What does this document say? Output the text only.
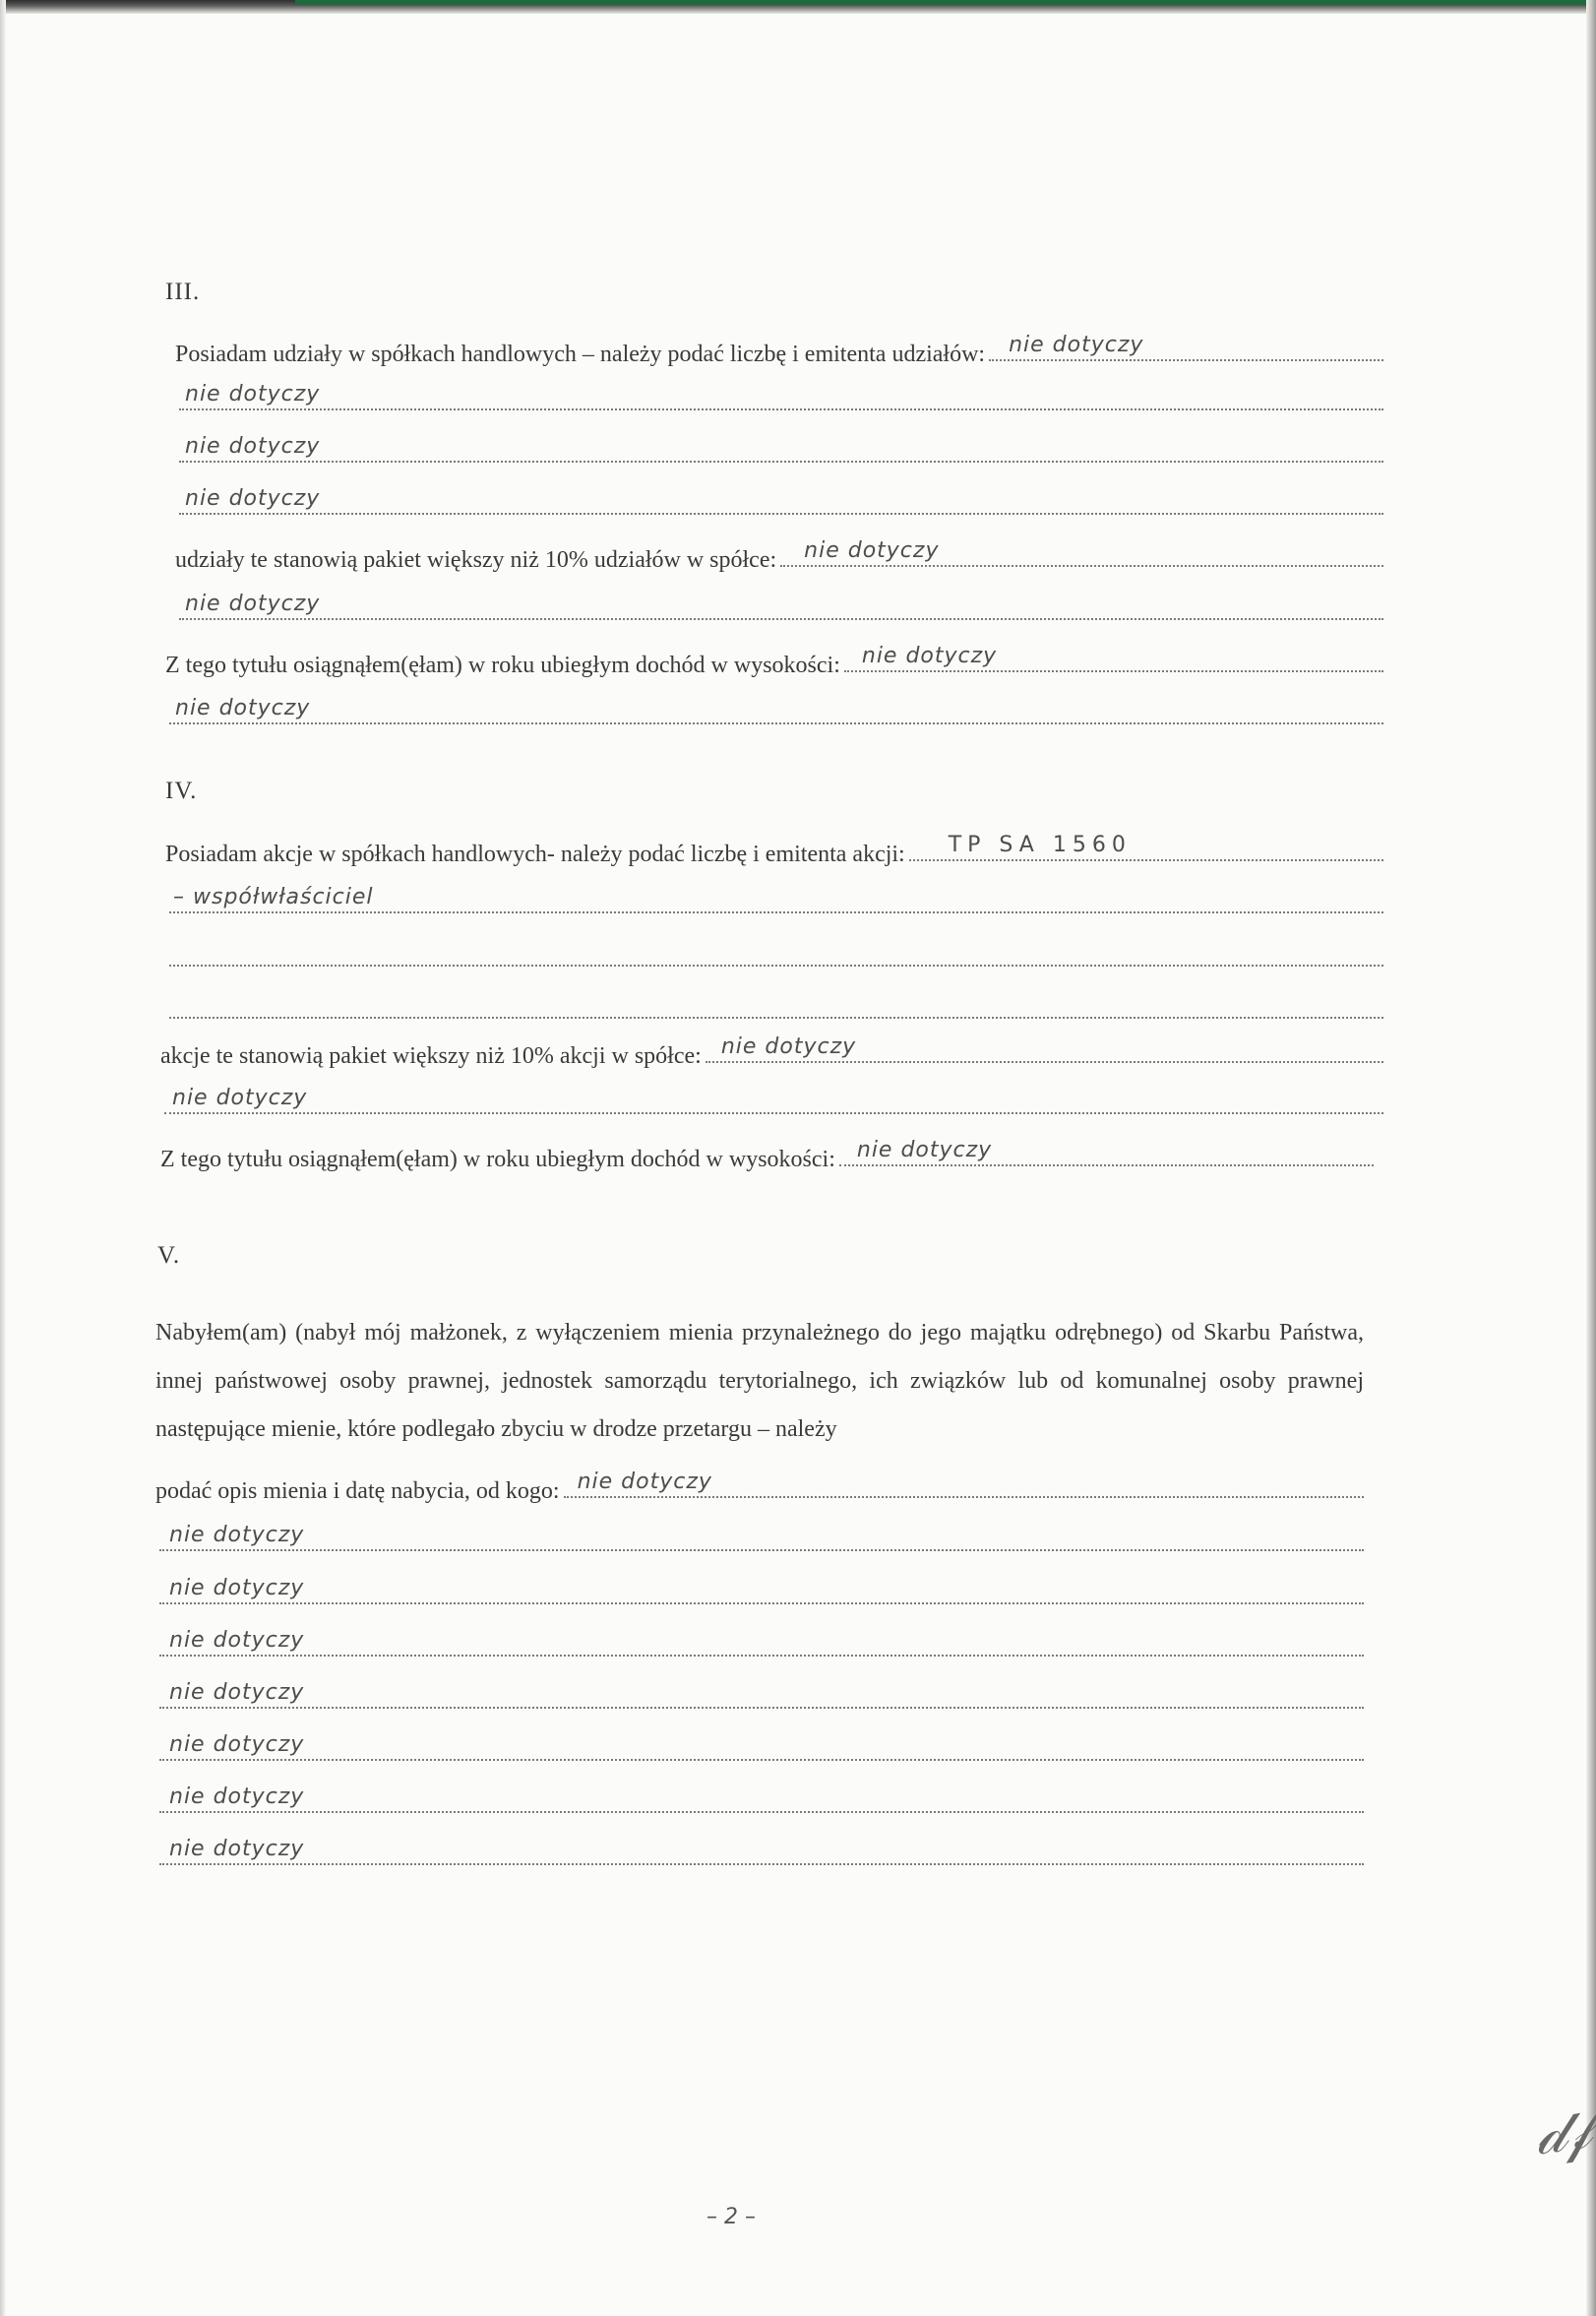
III.
Posiadam udziały w spółkach handlowych – należy podać liczbę i emitenta udziałów: nie dotyczy
nie dotyczy
nie dotyczy
nie dotyczy
udziały te stanowią pakiet większy niż 10% udziałów w spółce: nie dotyczy
nie dotyczy
Z tego tytułu osiągnąłem(ęłam) w roku ubiegłym dochód w wysokości: nie dotyczy
nie dotyczy
IV.
Posiadam akcje w spółkach handlowych- należy podać liczbę i emitenta akcji: TP SA 1560
– współwłaściciel
akcje te stanowią pakiet większy niż 10% akcji w spółce: nie dotyczy
nie dotyczy
Z tego tytułu osiągnąłem(ęłam) w roku ubiegłym dochód w wysokości: nie dotyczy
V.
Nabyłem(am) (nabył mój małżonek, z wyłączeniem mienia przynależnego do jego majątku odrębnego) od Skarbu Państwa, innej państwowej osoby prawnej, jednostek samorządu terytorialnego, ich związków lub od komunalnej osoby prawnej następujące mienie, które podlegało zbyciu w drodze przetargu – należy
podać opis mienia i datę nabycia, od kogo: nie dotyczy
nie dotyczy
nie dotyczy
nie dotyczy
nie dotyczy
nie dotyczy
nie dotyczy
nie dotyczy
– 2 –
𝒹𝒻
